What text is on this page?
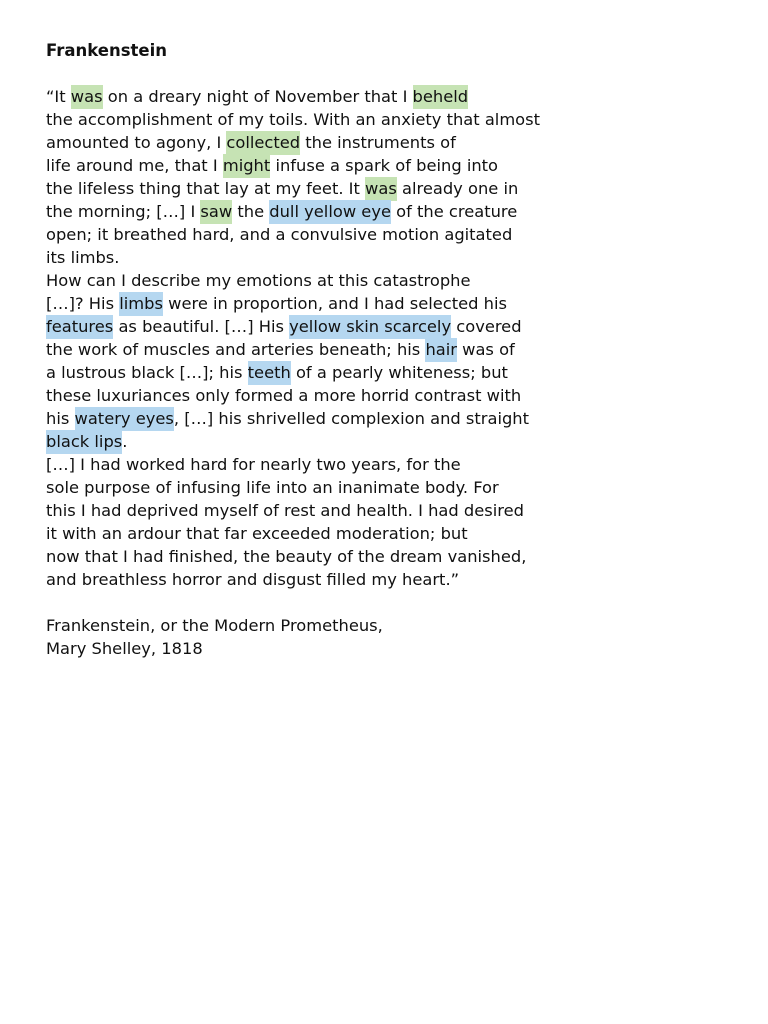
Frankenstein
“It was on a dreary night of November that I beheld
the accomplishment of my toils. With an anxiety that almost
amounted to agony, I collected the instruments of
life around me, that I might infuse a spark of being into
the lifeless thing that lay at my feet. It was already one in
the morning; […] I saw the dull yellow eye of the creature
open; it breathed hard, and a convulsive motion agitated
its limbs.
How can I describe my emotions at this catastrophe
[…]? His limbs were in proportion, and I had selected his
features as beautiful. […] His yellow skin scarcely covered
the work of muscles and arteries beneath; his hair was of
a lustrous black […]; his teeth of a pearly whiteness; but
these luxuriances only formed a more horrid contrast with
his watery eyes, […] his shrivelled complexion and straight
black lips.
[…] I had worked hard for nearly two years, for the
sole purpose of infusing life into an inanimate body. For
this I had deprived myself of rest and health. I had desired
it with an ardour that far exceeded moderation; but
now that I had finished, the beauty of the dream vanished,
and breathless horror and disgust filled my heart.”
Frankenstein, or the Modern Prometheus,
Mary Shelley, 1818
